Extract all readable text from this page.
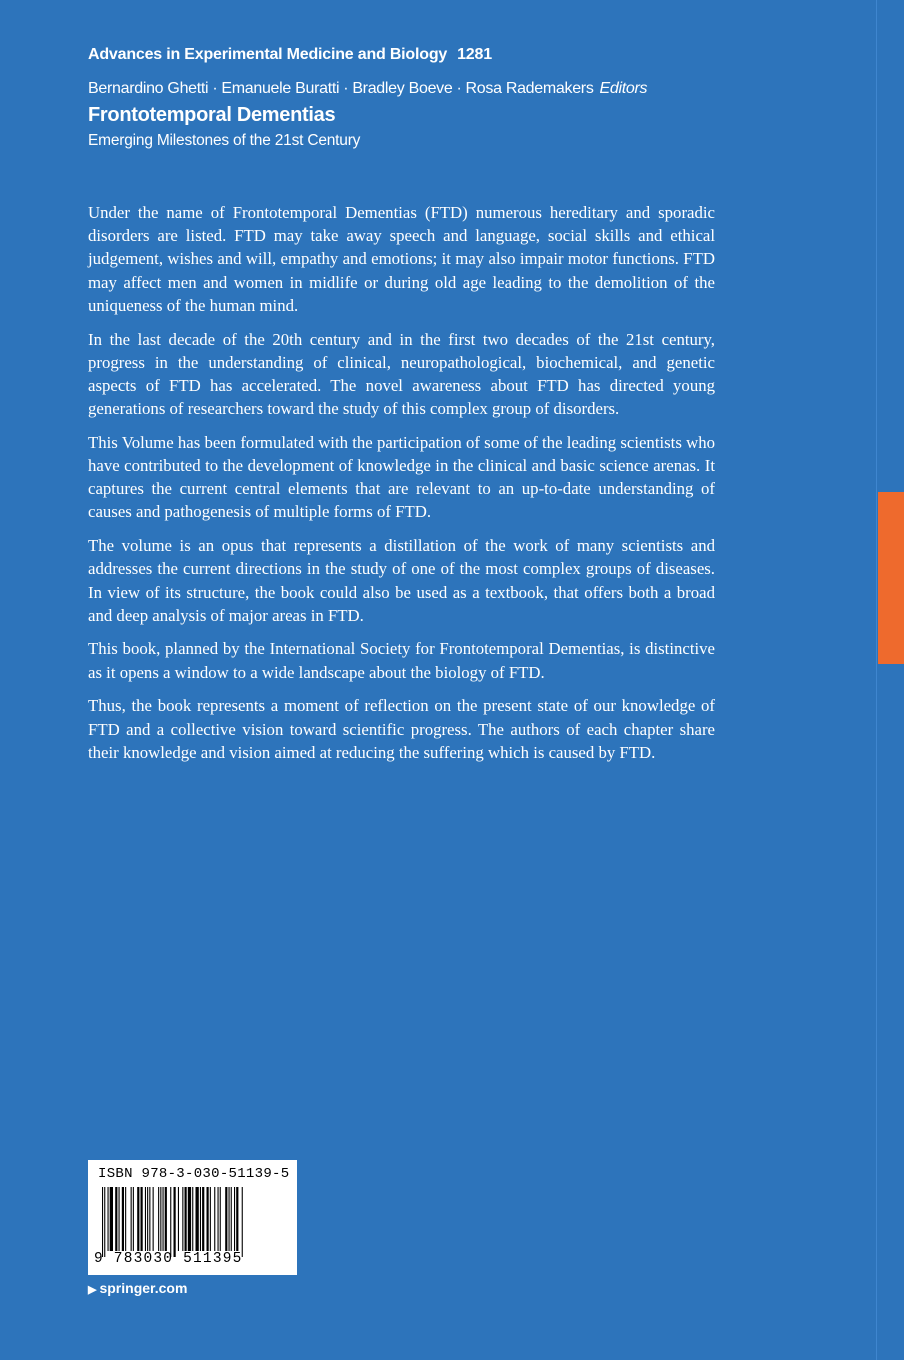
Advances in Experimental Medicine and Biology 1281
Bernardino Ghetti · Emanuele Buratti · Bradley Boeve · Rosa Rademakers Editors
Frontotemporal Dementias
Emerging Milestones of the 21st Century

Under the name of Frontotemporal Dementias (FTD) numerous hereditary and sporadic disorders are listed. FTD may take away speech and language, social skills and ethical judgement, wishes and will, empathy and emotions; it may also impair motor functions. FTD may affect men and women in midlife or during old age leading to the demolition of the uniqueness of the human mind.

In the last decade of the 20th century and in the first two decades of the 21st century, progress in the understanding of clinical, neuropathological, biochemical, and genetic aspects of FTD has accelerated. The novel awareness about FTD has directed young generations of researchers toward the study of this complex group of disorders.

This Volume has been formulated with the participation of some of the leading scientists who have contributed to the development of knowledge in the clinical and basic science arenas. It captures the current central elements that are relevant to an up-to-date understanding of causes and pathogenesis of multiple forms of FTD.

The volume is an opus that represents a distillation of the work of many scientists and addresses the current directions in the study of one of the most complex groups of diseases. In view of its structure, the book could also be used as a textbook, that offers both a broad and deep analysis of major areas in FTD.

This book, planned by the International Society for Frontotemporal Dementias, is distinctive as it opens a window to a wide landscape about the biology of FTD.

Thus, the book represents a moment of reflection on the present state of our knowledge of FTD and a collective vision toward scientific progress. The authors of each chapter share their knowledge and vision aimed at reducing the suffering which is caused by FTD.

ISBN 978-3-030-51139-5
9 783030 511395
▶ springer.com
